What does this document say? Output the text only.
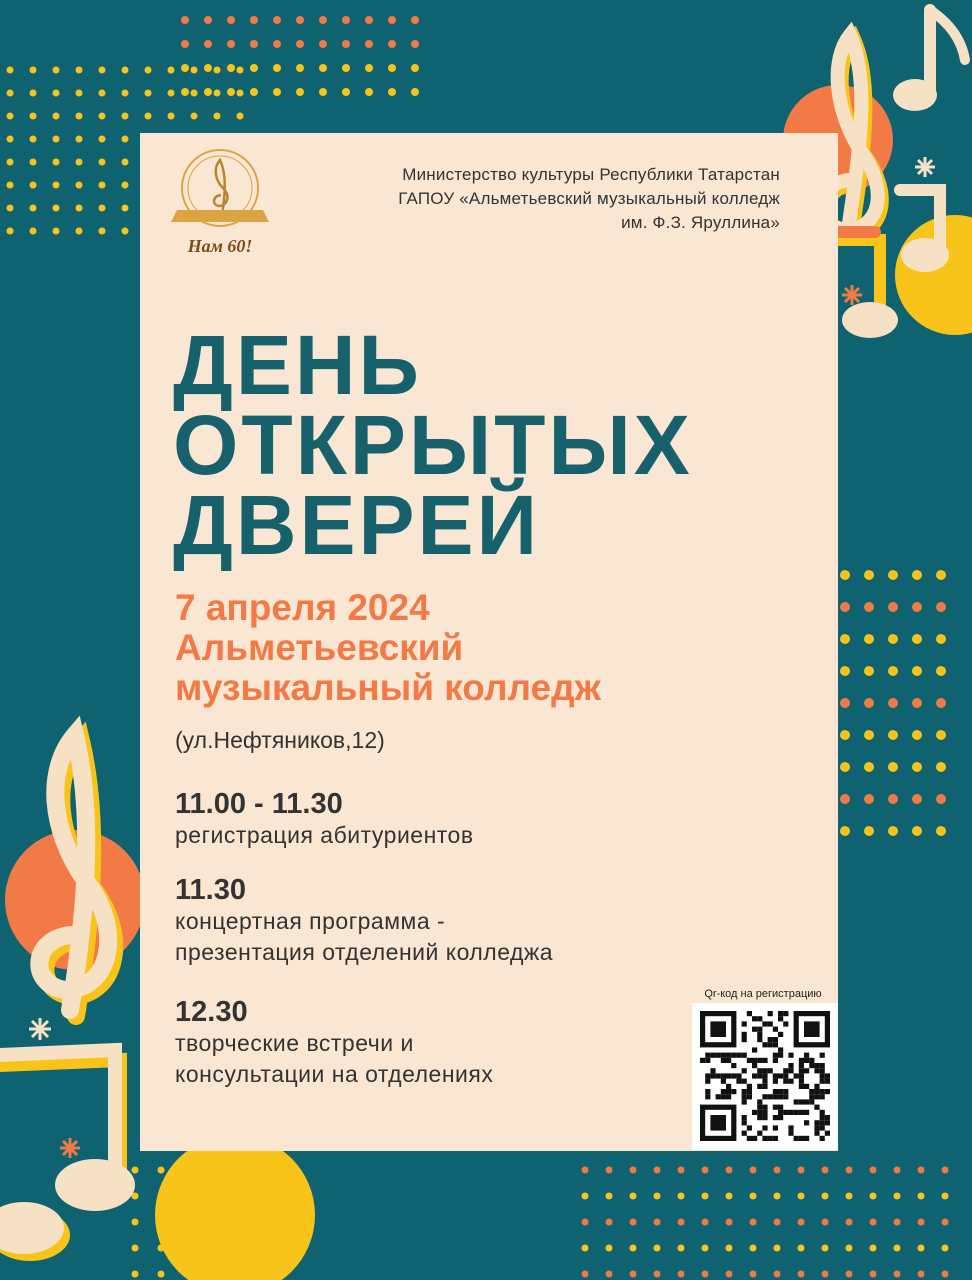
Нам 60!
Министерство культуры Республики Татарстан
ГАПОУ «Альметьевский музыкальный колледж
им. Ф.З. Яруллина»
ДЕНЬ
ОТКРЫТЫХ
ДВЕРЕЙ
7 апреля 2024
Альметьевский
музыкальный колледж
(ул.Нефтяников,12)
11.00 - 11.30
регистрация абитуриентов
11.30
концертная программа -
презентация отделений колледжа
12.30
творческие встречи и
консультации на отделениях
Qr-код на регистрацию
